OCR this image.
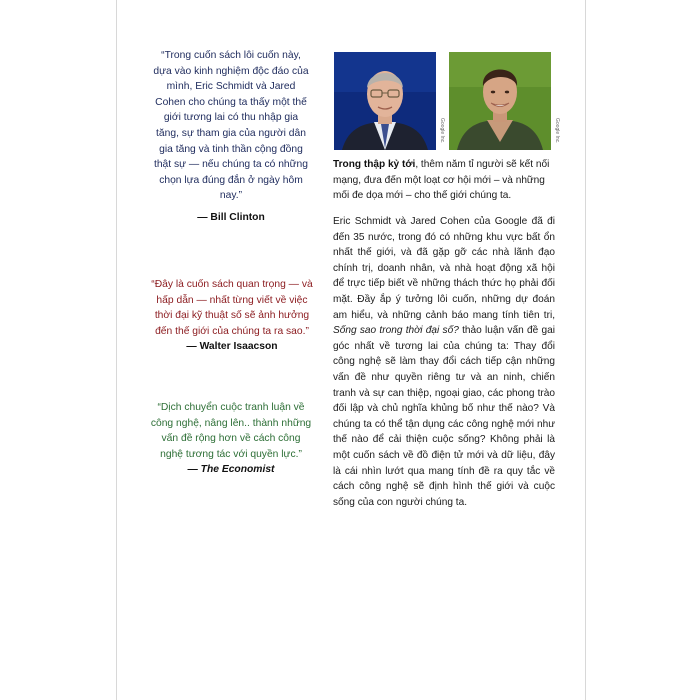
“Trong cuốn sách lôi cuốn này, dựa vào kinh nghiệm độc đáo của mình, Eric Schmidt và Jared Cohen cho chúng ta thấy một thế giới tương lai có thu nhập gia tăng, sự tham gia của người dân gia tăng và tinh thần cộng đồng thật sự — nếu chúng ta có những chọn lựa đúng đắn ở ngày hôm nay.”
— Bill Clinton
“Đây là cuốn sách quan trọng — và hấp dẫn — nhất từng viết về việc thời đại kỹ thuật số sẽ ảnh hưởng đến thế giới của chúng ta ra sao.”
— Walter Isaacson
“Dịch chuyển cuộc tranh luận về công nghệ, nâng lên.. thành những vấn đề rộng hơn về cách công nghệ tương tác với quyền lực.”
— The Economist
Google Inc.	Google Inc.
Trong thập kỷ tới, thêm năm tỉ người sẽ kết nối mạng, đưa đến một loạt cơ hội mới – và những mối đe dọa mới – cho thế giới chúng ta.
Eric Schmidt và Jared Cohen của Google đã đi đến 35 nước, trong đó có những khu vực bất ổn nhất thế giới, và đã gặp gỡ các nhà lãnh đạo chính trị, doanh nhân, và nhà hoạt động xã hội để trực tiếp biết về những thách thức họ phải đối mặt. Đầy ắp ý tưởng lôi cuốn, những dự đoán am hiểu, và những cảnh báo mang tính tiên tri, Sống sao trong thời đại số? thảo luận vấn đề gai góc nhất về tương lai của chúng ta: Thay đổi công nghệ sẽ làm thay đổi cách tiếp cận những vấn đề như quyền riêng tư và an ninh, chiến tranh và sự can thiệp, ngoại giao, các phong trào đối lập và chủ nghĩa khủng bố như thế nào? Và chúng ta có thể tận dụng các công nghệ mới như thế nào để cải thiện cuộc sống? Không phải là một cuốn sách về đồ điện tử mới và dữ liệu, đây là cái nhìn lướt qua mang tính đề ra quy tắc về cách công nghệ sẽ định hình thế giới và cuộc sống của con người chúng ta.
